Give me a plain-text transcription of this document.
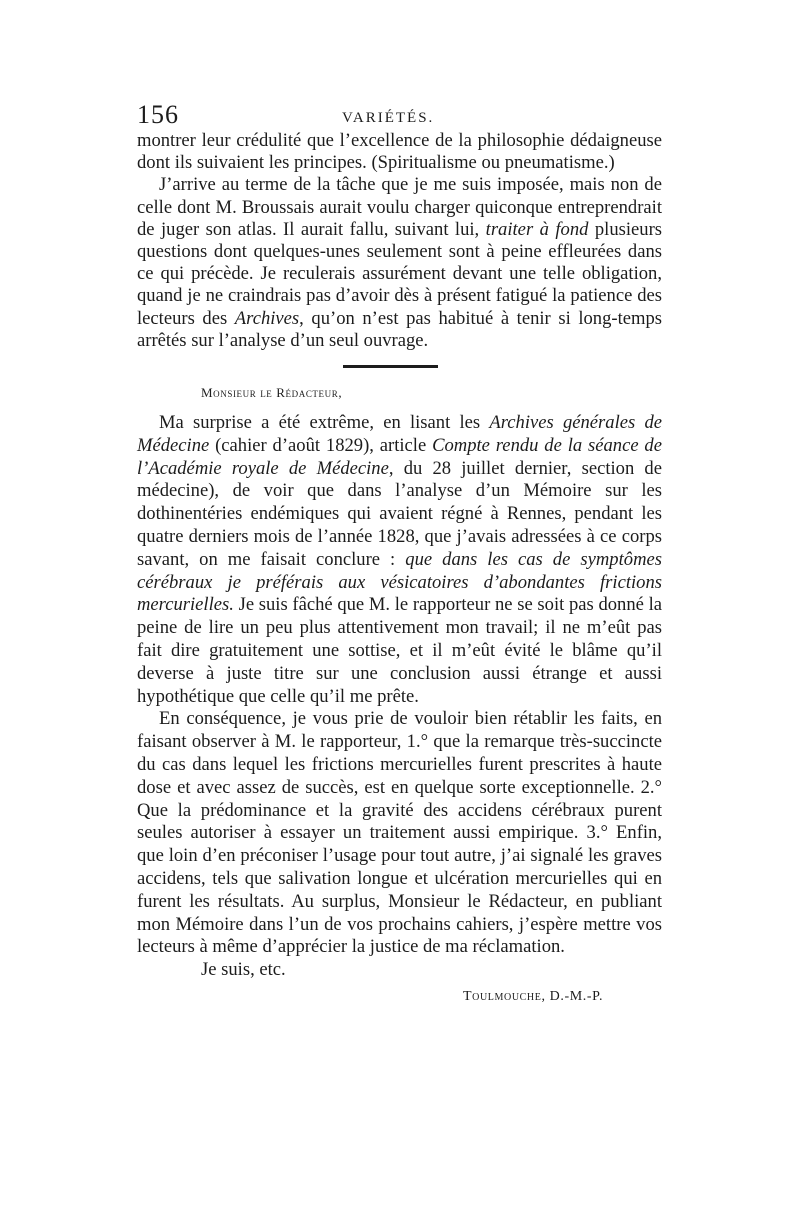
156	VARIÉTÉS.

montrer leur crédulité que l’excellence de la philosophie dédaigneuse dont ils suivaient les principes. (Spiritualisme ou pneumatisme.)

J’arrive au terme de la tâche que je me suis imposée, mais non de celle dont M. Broussais aurait voulu charger quiconque entreprendrait de juger son atlas. Il aurait fallu, suivant lui, traiter à fond plusieurs questions dont quelques-unes seulement sont à peine effleurées dans ce qui précède. Je reculerais assurément devant une telle obligation, quand je ne craindrais pas d’avoir dès à présent fatigué la patience des lecteurs des Archives, qu’on n’est pas habitué à tenir si long-temps arrêtés sur l’analyse d’un seul ouvrage.

Monsieur le Rédacteur,

Ma surprise a été extrême, en lisant les Archives générales de Médecine (cahier d’août 1829), article Compte rendu de la séance de l’Académie royale de Médecine, du 28 juillet dernier, section de médecine), de voir que dans l’analyse d’un Mémoire sur les dothinentéries endémiques qui avaient régné à Rennes, pendant les quatre derniers mois de l’année 1828, que j’avais adressées à ce corps savant, on me faisait conclure : que dans les cas de symptômes cérébraux je préférais aux vésicatoires d’abondantes frictions mercurielles. Je suis fâché que M. le rapporteur ne se soit pas donné la peine de lire un peu plus attentivement mon travail; il ne m’eût pas fait dire gratuitement une sottise, et il m’eût évité le blâme qu’il deverse à juste titre sur une conclusion aussi étrange et aussi hypothétique que celle qu’il me prête.

En conséquence, je vous prie de vouloir bien rétablir les faits, en faisant observer à M. le rapporteur, 1.° que la remarque très-succincte du cas dans lequel les frictions mercurielles furent prescrites à haute dose et avec assez de succès, est en quelque sorte exceptionnelle. 2.° Que la prédominance et la gravité des accidens cérébraux purent seules autoriser à essayer un traitement aussi empirique. 3.° Enfin, que loin d’en préconiser l’usage pour tout autre, j’ai signalé les graves accidens, tels que salivation longue et ulcération mercurielles qui en furent les résultats. Au surplus, Monsieur le Rédacteur, en publiant mon Mémoire dans l’un de vos prochains cahiers, j’espère mettre vos lecteurs à même d’apprécier la justice de ma réclamation.

Je suis, etc.

Toulmouche, D.-M.-P.
